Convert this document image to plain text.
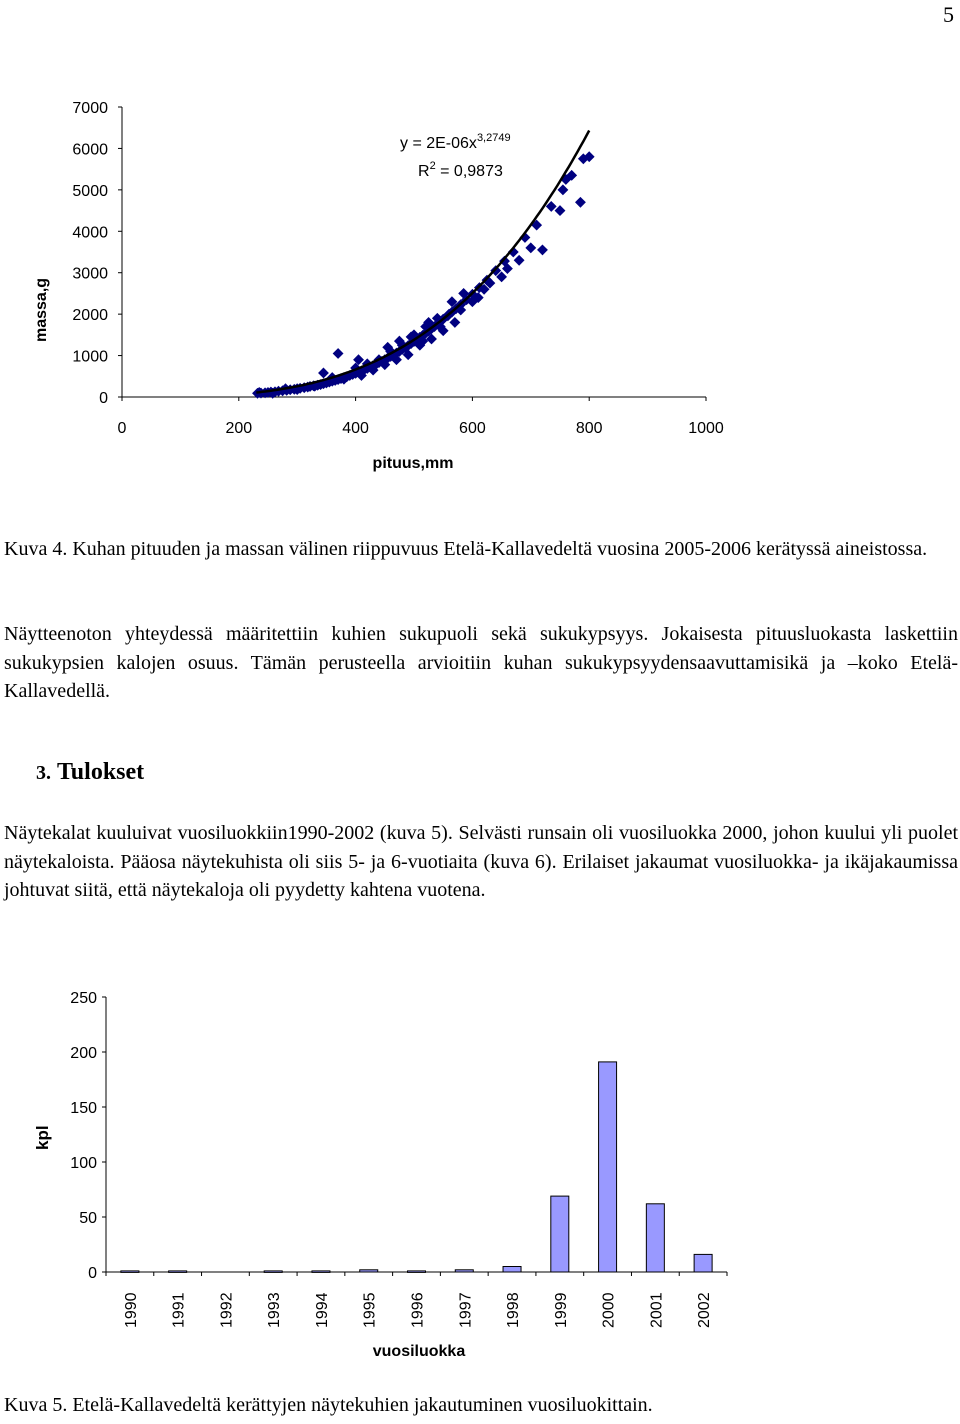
5
0
1000
2000
3000
4000
5000
6000
7000
0	200	400	600	800	1000
massa,g
pituus,mm
$y = 2E-06x^{3,2749}$
$R^2 = 0,9873$

Kuva 4. Kuhan pituuden ja massan välinen riippuvuus Etelä-Kallavedeltä vuosina 2005-2006 kerätyssä aineistossa.

Näytteenoton yhteydessä määritettiin kuhien sukupuoli sekä sukukypsyys. Jokaisesta pituusluokasta laskettiin sukukypsien kalojen osuus. Tämän perusteella arvioitiin kuhan sukukypsyydensaavuttamisikä ja –koko Etelä-Kallavedellä.

3. Tulokset

Näytekalat kuuluivat vuosiluokkiin1990-2002 (kuva 5). Selvästi runsain oli vuosiluokka 2000, johon kuului yli puolet näytekaloista. Pääosa näytekuhista oli siis 5- ja 6-vuotiaita (kuva 6). Erilaiset jakaumat vuosiluokka- ja ikäjakaumissa johtuvat siitä, että näytekaloja oli pyydetty kahtena vuotena.

0
50
100
150
200
250
1990 1991 1992 1993 1994 1995 1996 1997 1998 1999 2000 2001 2002
kpl
vuosiluokka

Kuva 5. Etelä-Kallavedeltä kerättyjen näytekuhien jakautuminen vuosiluokittain.
